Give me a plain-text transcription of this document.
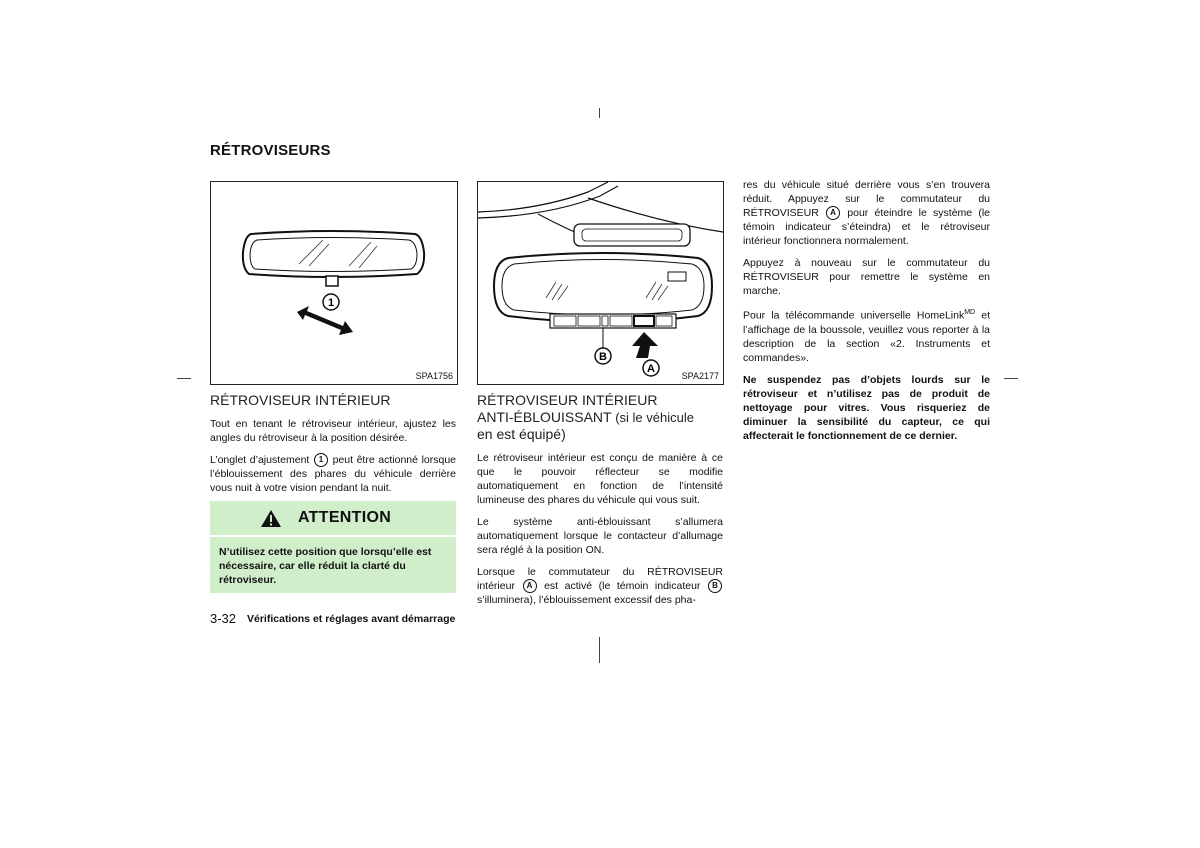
RÉTROVISEURS
1
SPA1756
A
B
SPA2177
RÉTROVISEUR INTÉRIEUR

Tout en tenant le rétroviseur intérieur, ajustez les angles du rétroviseur à la position désirée.

L’onglet d’ajustement 1 peut être actionné lorsque l’éblouissement des phares du véhicule derrière vous nuit à votre vision pendant la nuit.

ATTENTION
N’utilisez cette position que lorsqu’elle est nécessaire, car elle réduit la clarté du rétroviseur.
RÉTROVISEUR INTÉRIEUR
ANTI-ÉBLOUISSANT (si le véhicule
en est équipé)

Le rétroviseur intérieur est conçu de manière à ce que le pouvoir réflecteur se modifie automatiquement en fonction de l’intensité lumineuse des phares du véhicule qui vous suit.

Le système anti-éblouissant s’allumera automatiquement lorsque le contacteur d’allumage sera réglé à la position ON.

Lorsque le commutateur du RÉTROVISEUR intérieur A est activé (le témoin indicateur B s’illuminera), l’éblouissement excessif des pha-

res du véhicule situé derrière vous s’en trouvera réduit. Appuyez sur le commutateur du RÉTROVISEUR A pour éteindre le système (le témoin indicateur s’éteindra) et le rétroviseur intérieur fonctionnera normalement.

Appuyez à nouveau sur le commutateur du RÉTROVISEUR pour remettre le système en marche.

Pour la télécommande universelle HomeLink$^{MD}$ et l’affichage de la boussole, veuillez vous reporter à la description de la section «2. Instruments et commandes».

Ne suspendez pas d’objets lourds sur le rétroviseur et n’utilisez pas de produit de nettoyage pour vitres. Vous risqueriez de diminuer la sensibilité du capteur, ce qui affecterait le fonctionnement de ce dernier.

3-32 Vérifications et réglages avant démarrage
